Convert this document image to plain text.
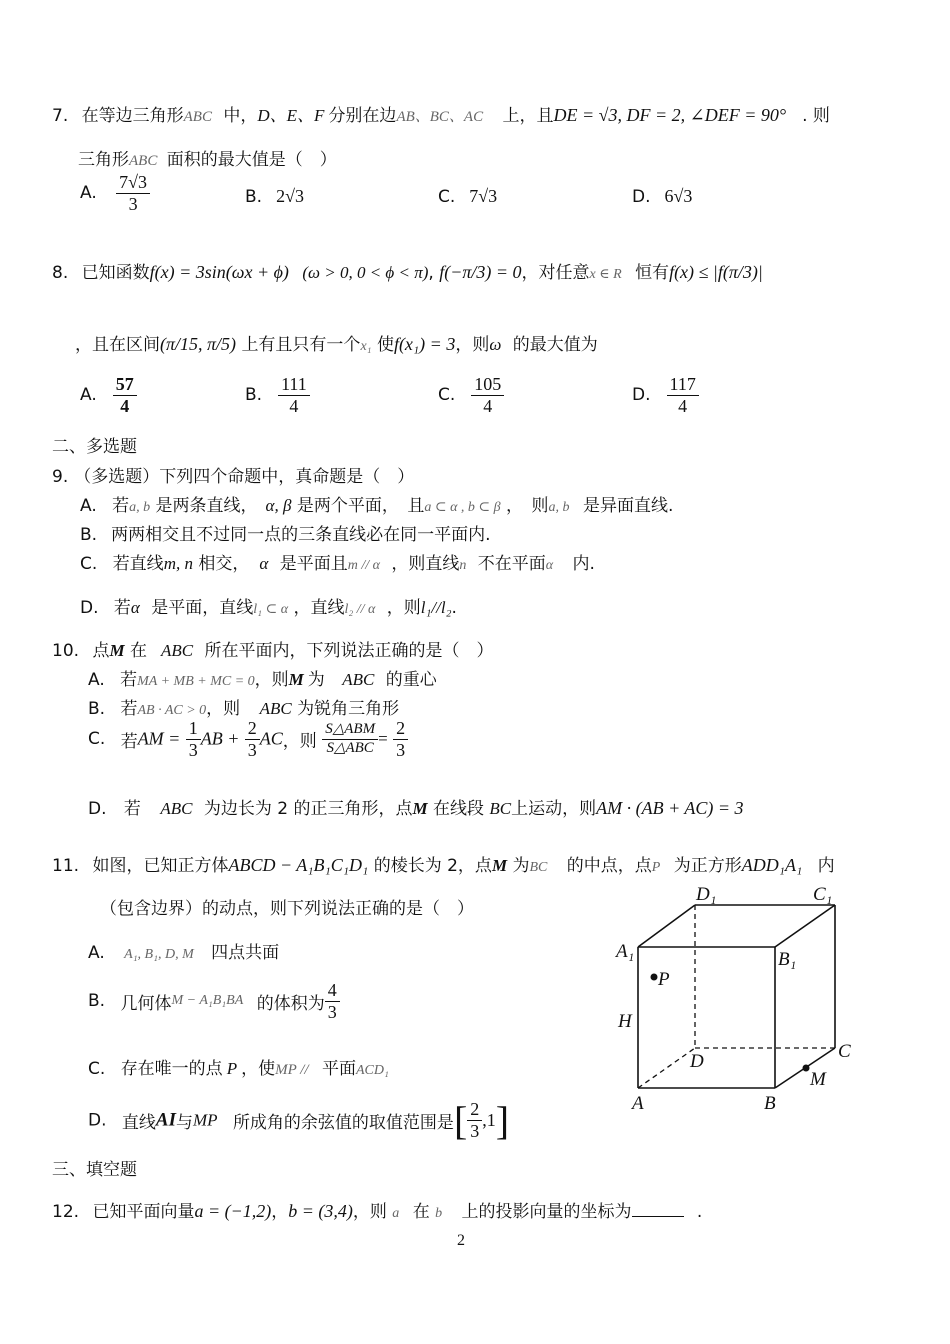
7. 在等边三角形ABC 中，D、E、F 分别在边AB、BC、AC 上，且DE = √3, DF = 2, ∠DEF = 90° . 则
三角形ABC 面积的最大值是（　）
A. $\frac{7√3}{3}$	B. 2√3	C. 7√3	D. 6√3
8. 已知函数f(x) = 3sin(ωx + ϕ) (ω > 0, 0 < ϕ < π), f(−π/3) = 0，对任意x ∈ R 恒有f(x) ≤ |f(π/3)|
，且在区间(π/15, π/5) 上有且只有一个x₁ 使f(x₁) = 3，则ω 的最大值为
A. $\frac{57}{4}$	B. $\frac{111}{4}$	C. $\frac{105}{4}$	D. $\frac{117}{4}$
二、多选题
9. （多选题）下列四个命题中，真命题是（　）
A. 若a, b 是两条直线， α, β 是两个平面，　且a ⊂ α , b ⊂ β ，　则a, b 是异面直线.
B. 两两相交且不过同一点的三条直线必在同一平面内.
C. 若直线m, n 相交， α 是平面且m // α ，则直线n 不在平面α 内.
D. 若α 是平面，直线l₁ ⊂ α ，直线l₂ // α ，则l₁//l₂.
10. 点M 在 ABC 所在平面内，下列说法正确的是（　）
A. 若MA + MB + MC = 0，则M 为 ABC 的重心
B. 若AB · AC > 0，则 ABC 为锐角三角形
C. 若AM = $\frac{1}{3}$ AB + $\frac{2}{3}$ AC，则 $\frac{\text{S△ABM}}{\text{S△ABC}} = \frac{2}{3}$
D. 若 ABC 为边长为 2 的正三角形，点M 在线段 BC上运动，则AM · (AB + AC) = 3
11. 如图，已知正方体ABCD − A₁B₁C₁D₁ 的棱长为 2，点M 为BC 的中点，点P 为正方形ADD₁A₁ 内
（包含边界）的动点，则下列说法正确的是（　）
A. A₁, B₁, D, M 四点共面
B. 几何体M − A₁B₁BA 的体积为 $\frac{4}{3}$
C. 存在唯一的点 P ，使MP // 平面ACD₁
D. 直线AI与MP 所成角的余弦值的取值范围是[ $\frac{2}{3} ,1$]
D₁	C₁
A₁	B₁
P
H
D	C
M
A	B
三、填空题
12. 已知平面向量a = (−1,2)，b = (3,4)，则 a 在 b 上的投影向量的坐标为	.
2
